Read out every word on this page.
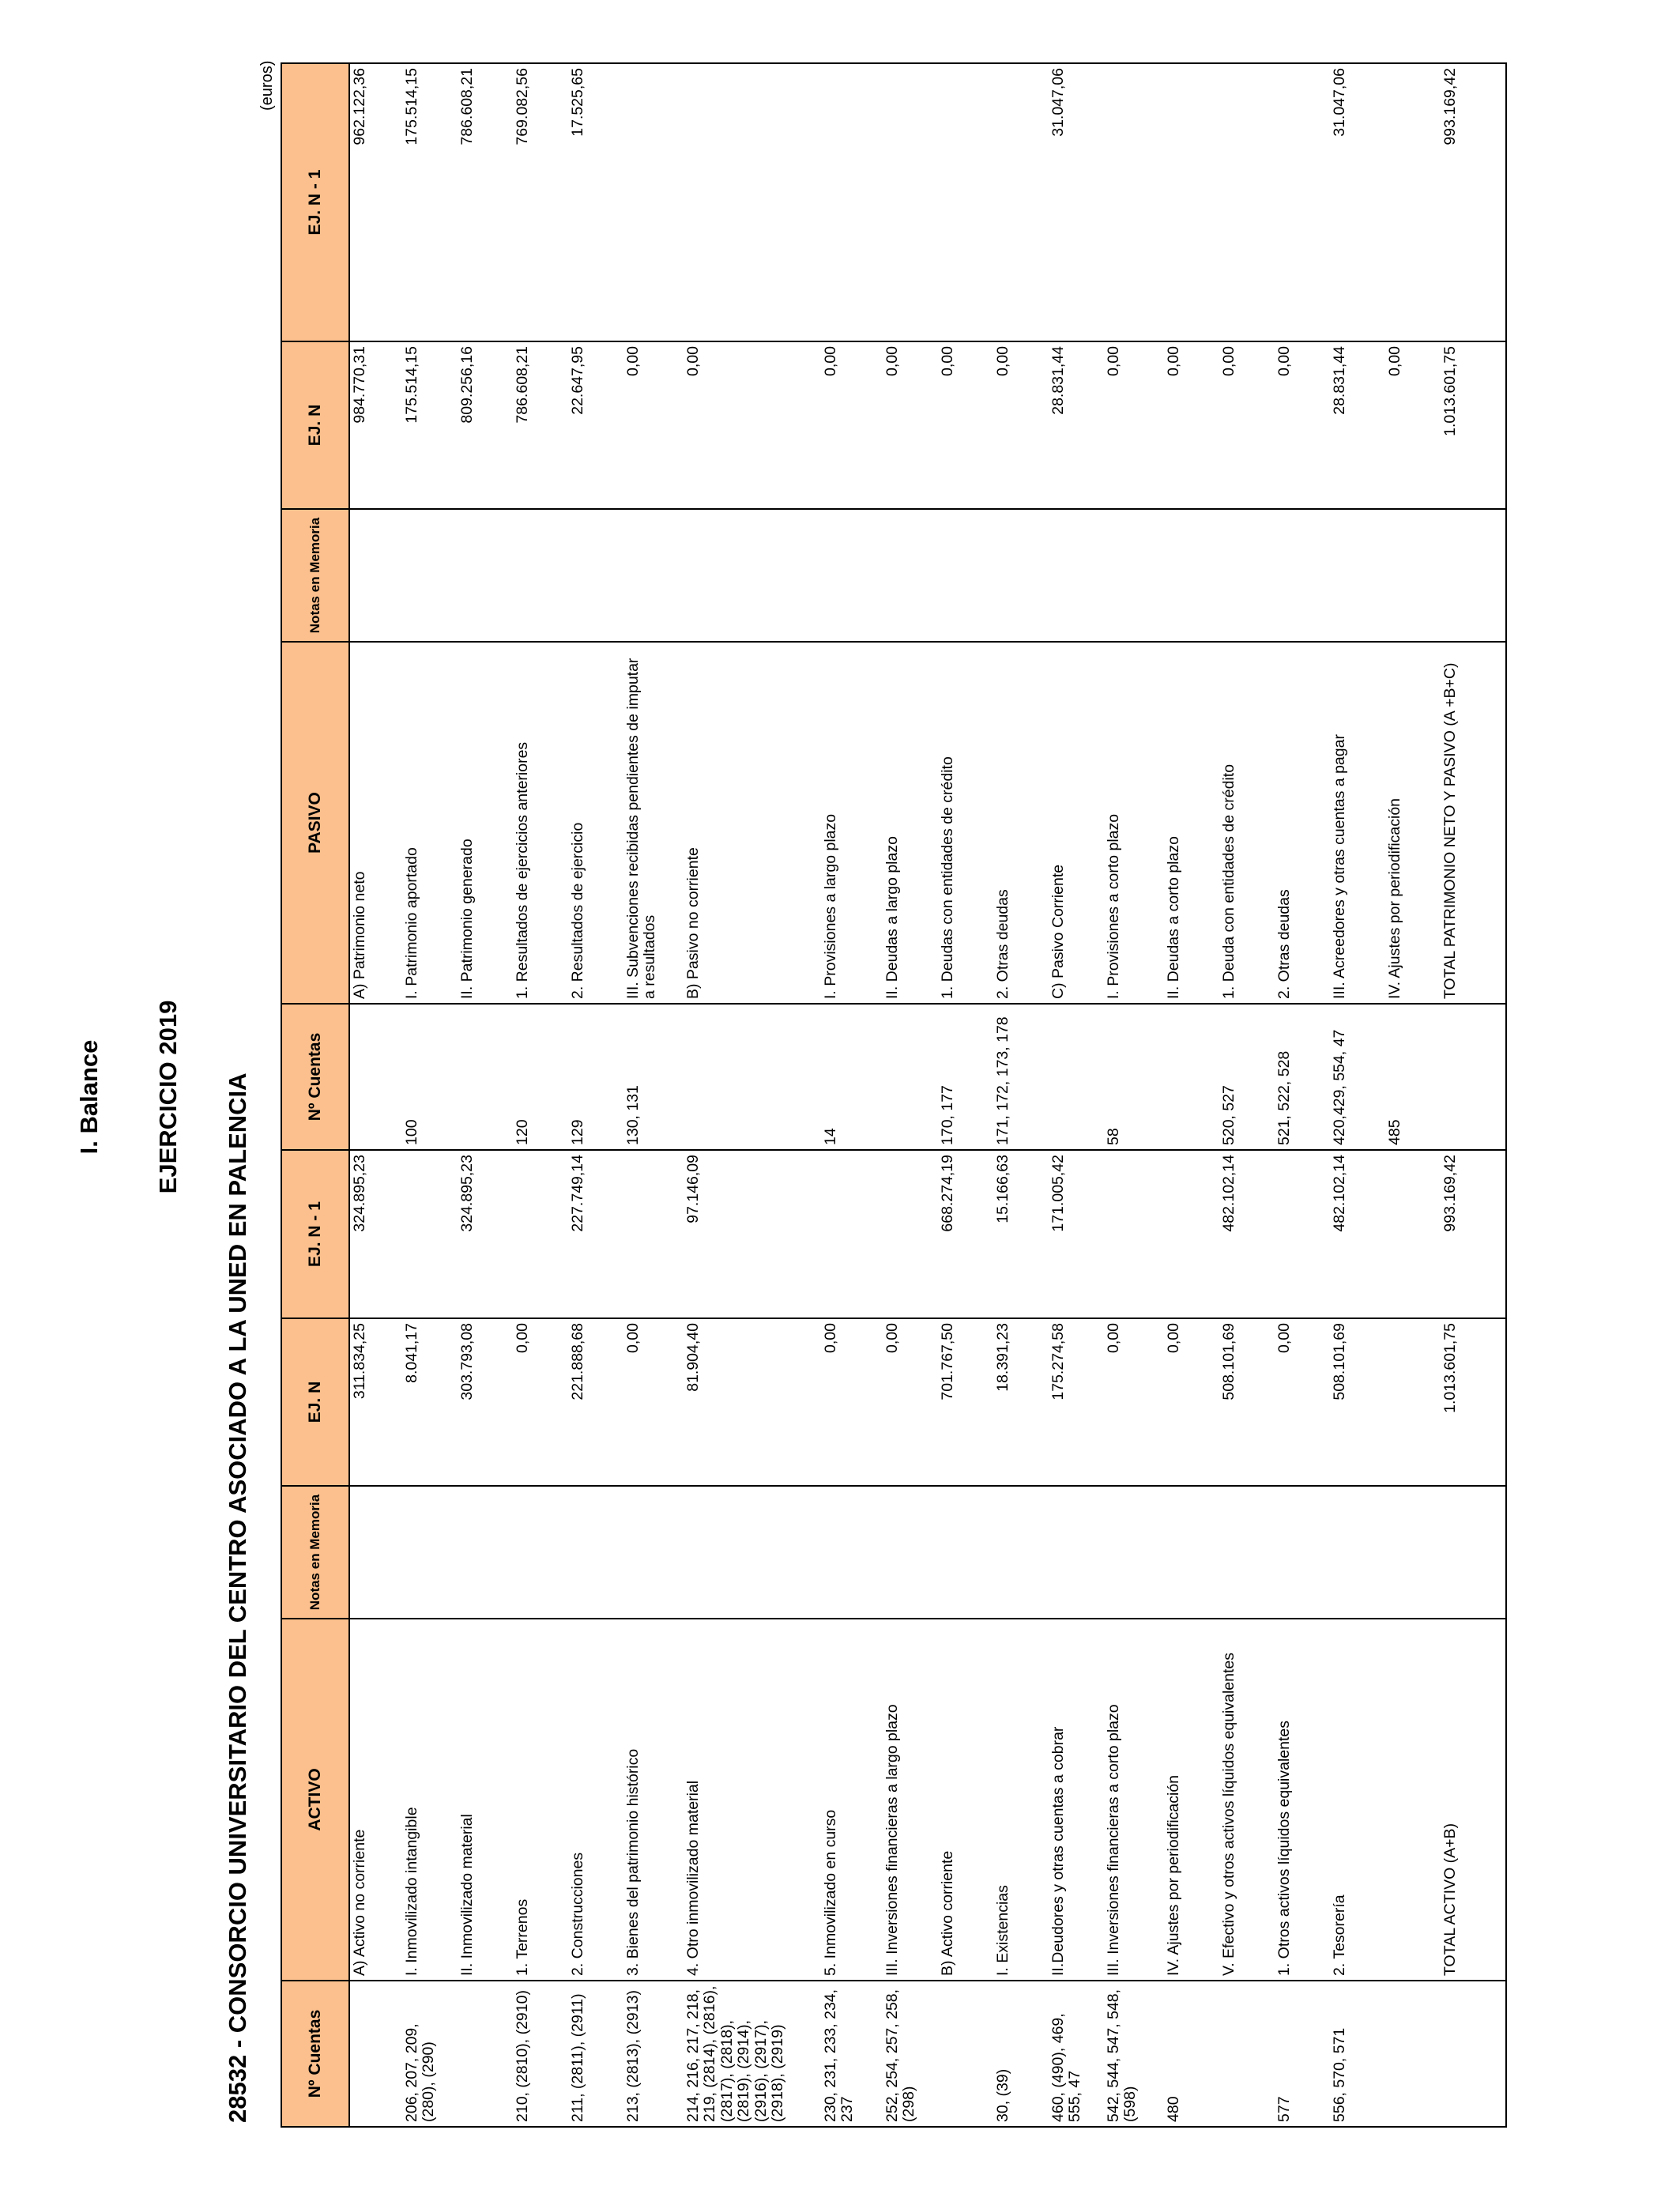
I. Balance EJERCICIO 2019 28532 - CONSORCIO UNIVERSITARIO DEL CENTRO ASOCIADO A LA UNED EN PALENCIA
(euros)
Nº Cuentas	ACTIVO	Notas en Memoria	EJ. N	EJ. N - 1	Nº Cuentas	PASIVO	Notas en Memoria	EJ. N	EJ. N - 1
	A) Activo no corriente		311.834,25	324.895,23		A) Patrimonio neto		984.770,31	962.122,36
206, 207, 209, (280), (290)	I. Inmovilizado intangible		8.041,17		100	I. Patrimonio aportado		175.514,15	175.514,15
	II. Inmovilizado material		303.793,08	324.895,23		II. Patrimonio generado		809.256,16	786.608,21
210, (2810), (2910)	1. Terrenos		0,00		120	1. Resultados de ejercicios anteriores		786.608,21	769.082,56
211, (2811), (2911)	2. Construcciones		221.888,68	227.749,14	129	2. Resultados de ejercicio		22.647,95	17.525,65
213, (2813), (2913)	3. Bienes del patrimonio histórico		0,00		130, 131	III. Subvenciones recibidas pendientes de imputar a resultados		0,00	
214, 216, 217, 218, 219, (2814), (2816), (2817), (2818), (2819), (2914), (2916), (2917), (2918), (2919)	4. Otro inmovilizado material		81.904,40	97.146,09		B) Pasivo no corriente		0,00	
230, 231, 233, 234, 237	5. Inmovilizado en curso		0,00		14	I. Provisiones a largo plazo		0,00	
252, 254, 257, 258, (298)	III. Inversiones financieras a largo plazo		0,00			II. Deudas a largo plazo		0,00	
	B) Activo corriente		701.767,50	668.274,19	170, 177	1. Deudas con entidades de crédito		0,00	
30, (39)	I. Existencias		18.391,23	15.166,63	171, 172, 173, 178	2. Otras deudas		0,00	
460, (490), 469, 555, 47	II.Deudores y otras cuentas a cobrar		175.274,58	171.005,42		C) Pasivo Corriente		28.831,44	31.047,06
542, 544, 547, 548, (598)	III. Inversiones financieras a corto plazo		0,00		58	I. Provisiones a corto plazo		0,00	
480	IV. Ajustes por periodificación		0,00			II. Deudas a corto plazo		0,00	
	V. Efectivo y otros activos líquidos equivalentes		508.101,69	482.102,14	520, 527	1. Deuda con entidades de crédito		0,00	
577	1. Otros activos líquidos equivalentes		0,00		521, 522, 528	2. Otras deudas		0,00	
556, 570, 571	2. Tesorería		508.101,69	482.102,14	420,429, 554, 47	III. Acreedores y otras cuentas a pagar		28.831,44	31.047,06
					485	IV. Ajustes por periodificación		0,00	
	TOTAL ACTIVO (A+B)		1.013.601,75	993.169,42		TOTAL PATRIMONIO NETO Y PASIVO (A +B+C)		1.013.601,75	993.169,42
